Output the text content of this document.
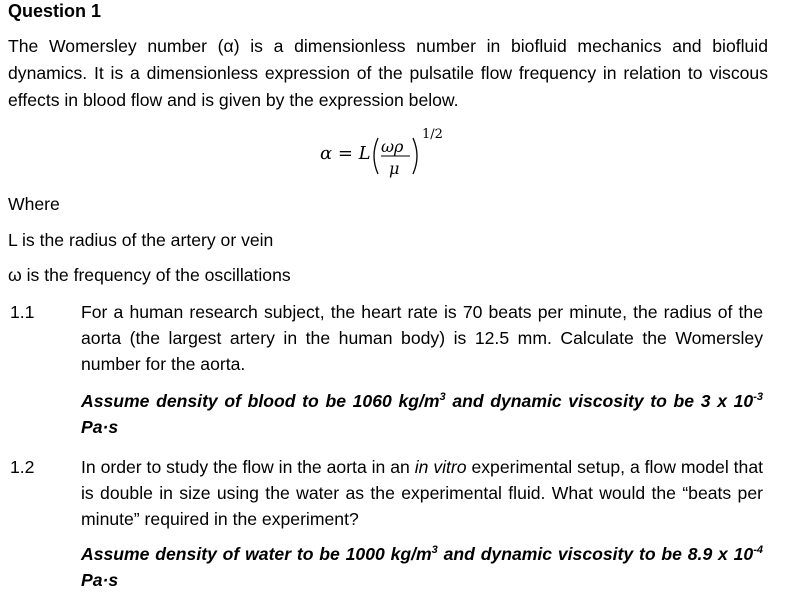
Question 1
The Womersley number (α) is a dimensionless number in biofluid mechanics and biofluid dynamics. It is a dimensionless expression of the pulsatile flow frequency in relation to viscous effects in blood flow and is given by the expression below.
α = L ωρ
μ
1/2
Where
L is the radius of the artery or vein
ω is the frequency of the oscillations
1.1	For a human research subject, the heart rate is 70 beats per minute, the radius of the aorta (the largest artery in the human body) is 12.5 mm. Calculate the Womersley number for the aorta.
Assume density of blood to be 1060 $kg/m^3$ and dynamic viscosity to be 3 x $10^{-3}$ Pa·s
1.2	In order to study the flow in the aorta in an in vitro experimental setup, a flow model that is double in size using the water as the experimental fluid. What would the “beats per minute” required in the experiment?
Assume density of water to be 1000 $kg/m^3$ and dynamic viscosity to be 8.9 x $10^{-4}$ Pa·s
